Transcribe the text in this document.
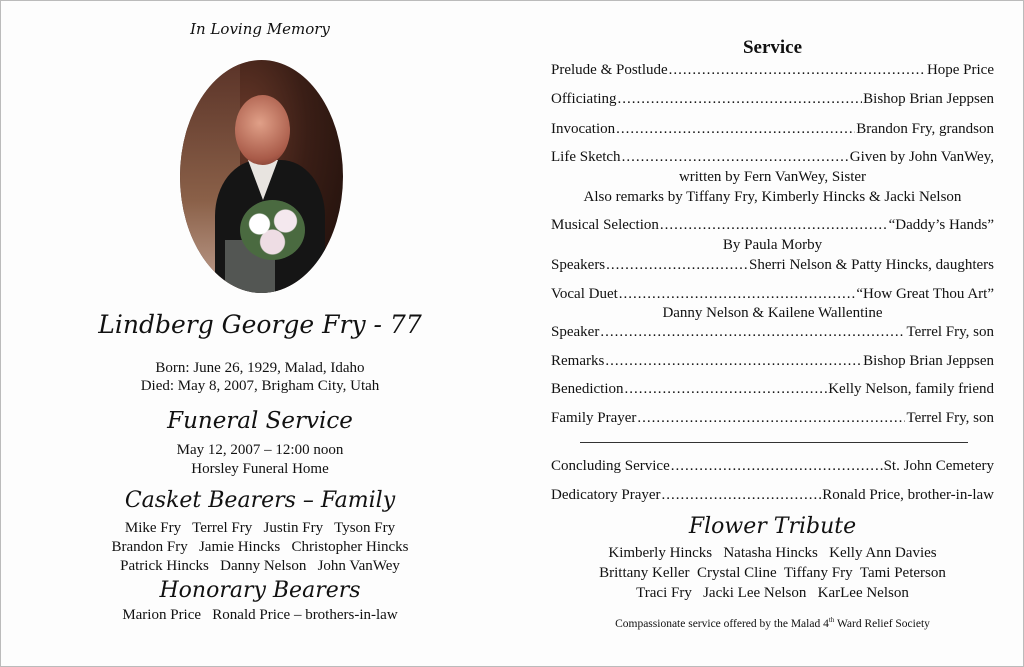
In Loving Memory
Lindberg George Fry - 77
Born: June 26, 1929, Malad, Idaho
Died: May 8, 2007, Brigham City, Utah
Funeral Service
May 12, 2007 – 12:00 noon
Horsley Funeral Home
Casket Bearers – Family
Mike Fry   Terrel Fry   Justin Fry   Tyson Fry
Brandon Fry   Jamie Hincks   Christopher Hincks
Patrick Hincks   Danny Nelson   John VanWey
Honorary Bearers
Marion Price   Ronald Price – brothers-in-law
Service
Prelude & Postlude .....	Hope Price
Officiating .....	Bishop Brian Jeppsen
Invocation .....	Brandon Fry, grandson
Life Sketch .....	Given by John VanWey,
written by Fern VanWey, Sister
Also remarks by Tiffany Fry, Kimberly Hincks & Jacki Nelson
Musical Selection .....	“Daddy’s Hands”
By Paula Morby
Speakers .....	Sherri Nelson & Patty Hincks, daughters
Vocal Duet .....	“How Great Thou Art”
Danny Nelson & Kailene Wallentine
Speaker .....	Terrel Fry, son
Remarks .....	Bishop Brian Jeppsen
Benediction .....	Kelly Nelson, family friend
Family Prayer .....	Terrel Fry, son
Concluding Service .....	St. John Cemetery
Dedicatory Prayer .....	Ronald Price, brother-in-law
Flower Tribute
Kimberly Hincks   Natasha Hincks   Kelly Ann Davies
Brittany Keller  Crystal Cline  Tiffany Fry  Tami Peterson
Traci Fry   Jacki Lee Nelson   KarLee Nelson
Compassionate service offered by the Malad 4th Ward Relief Society
